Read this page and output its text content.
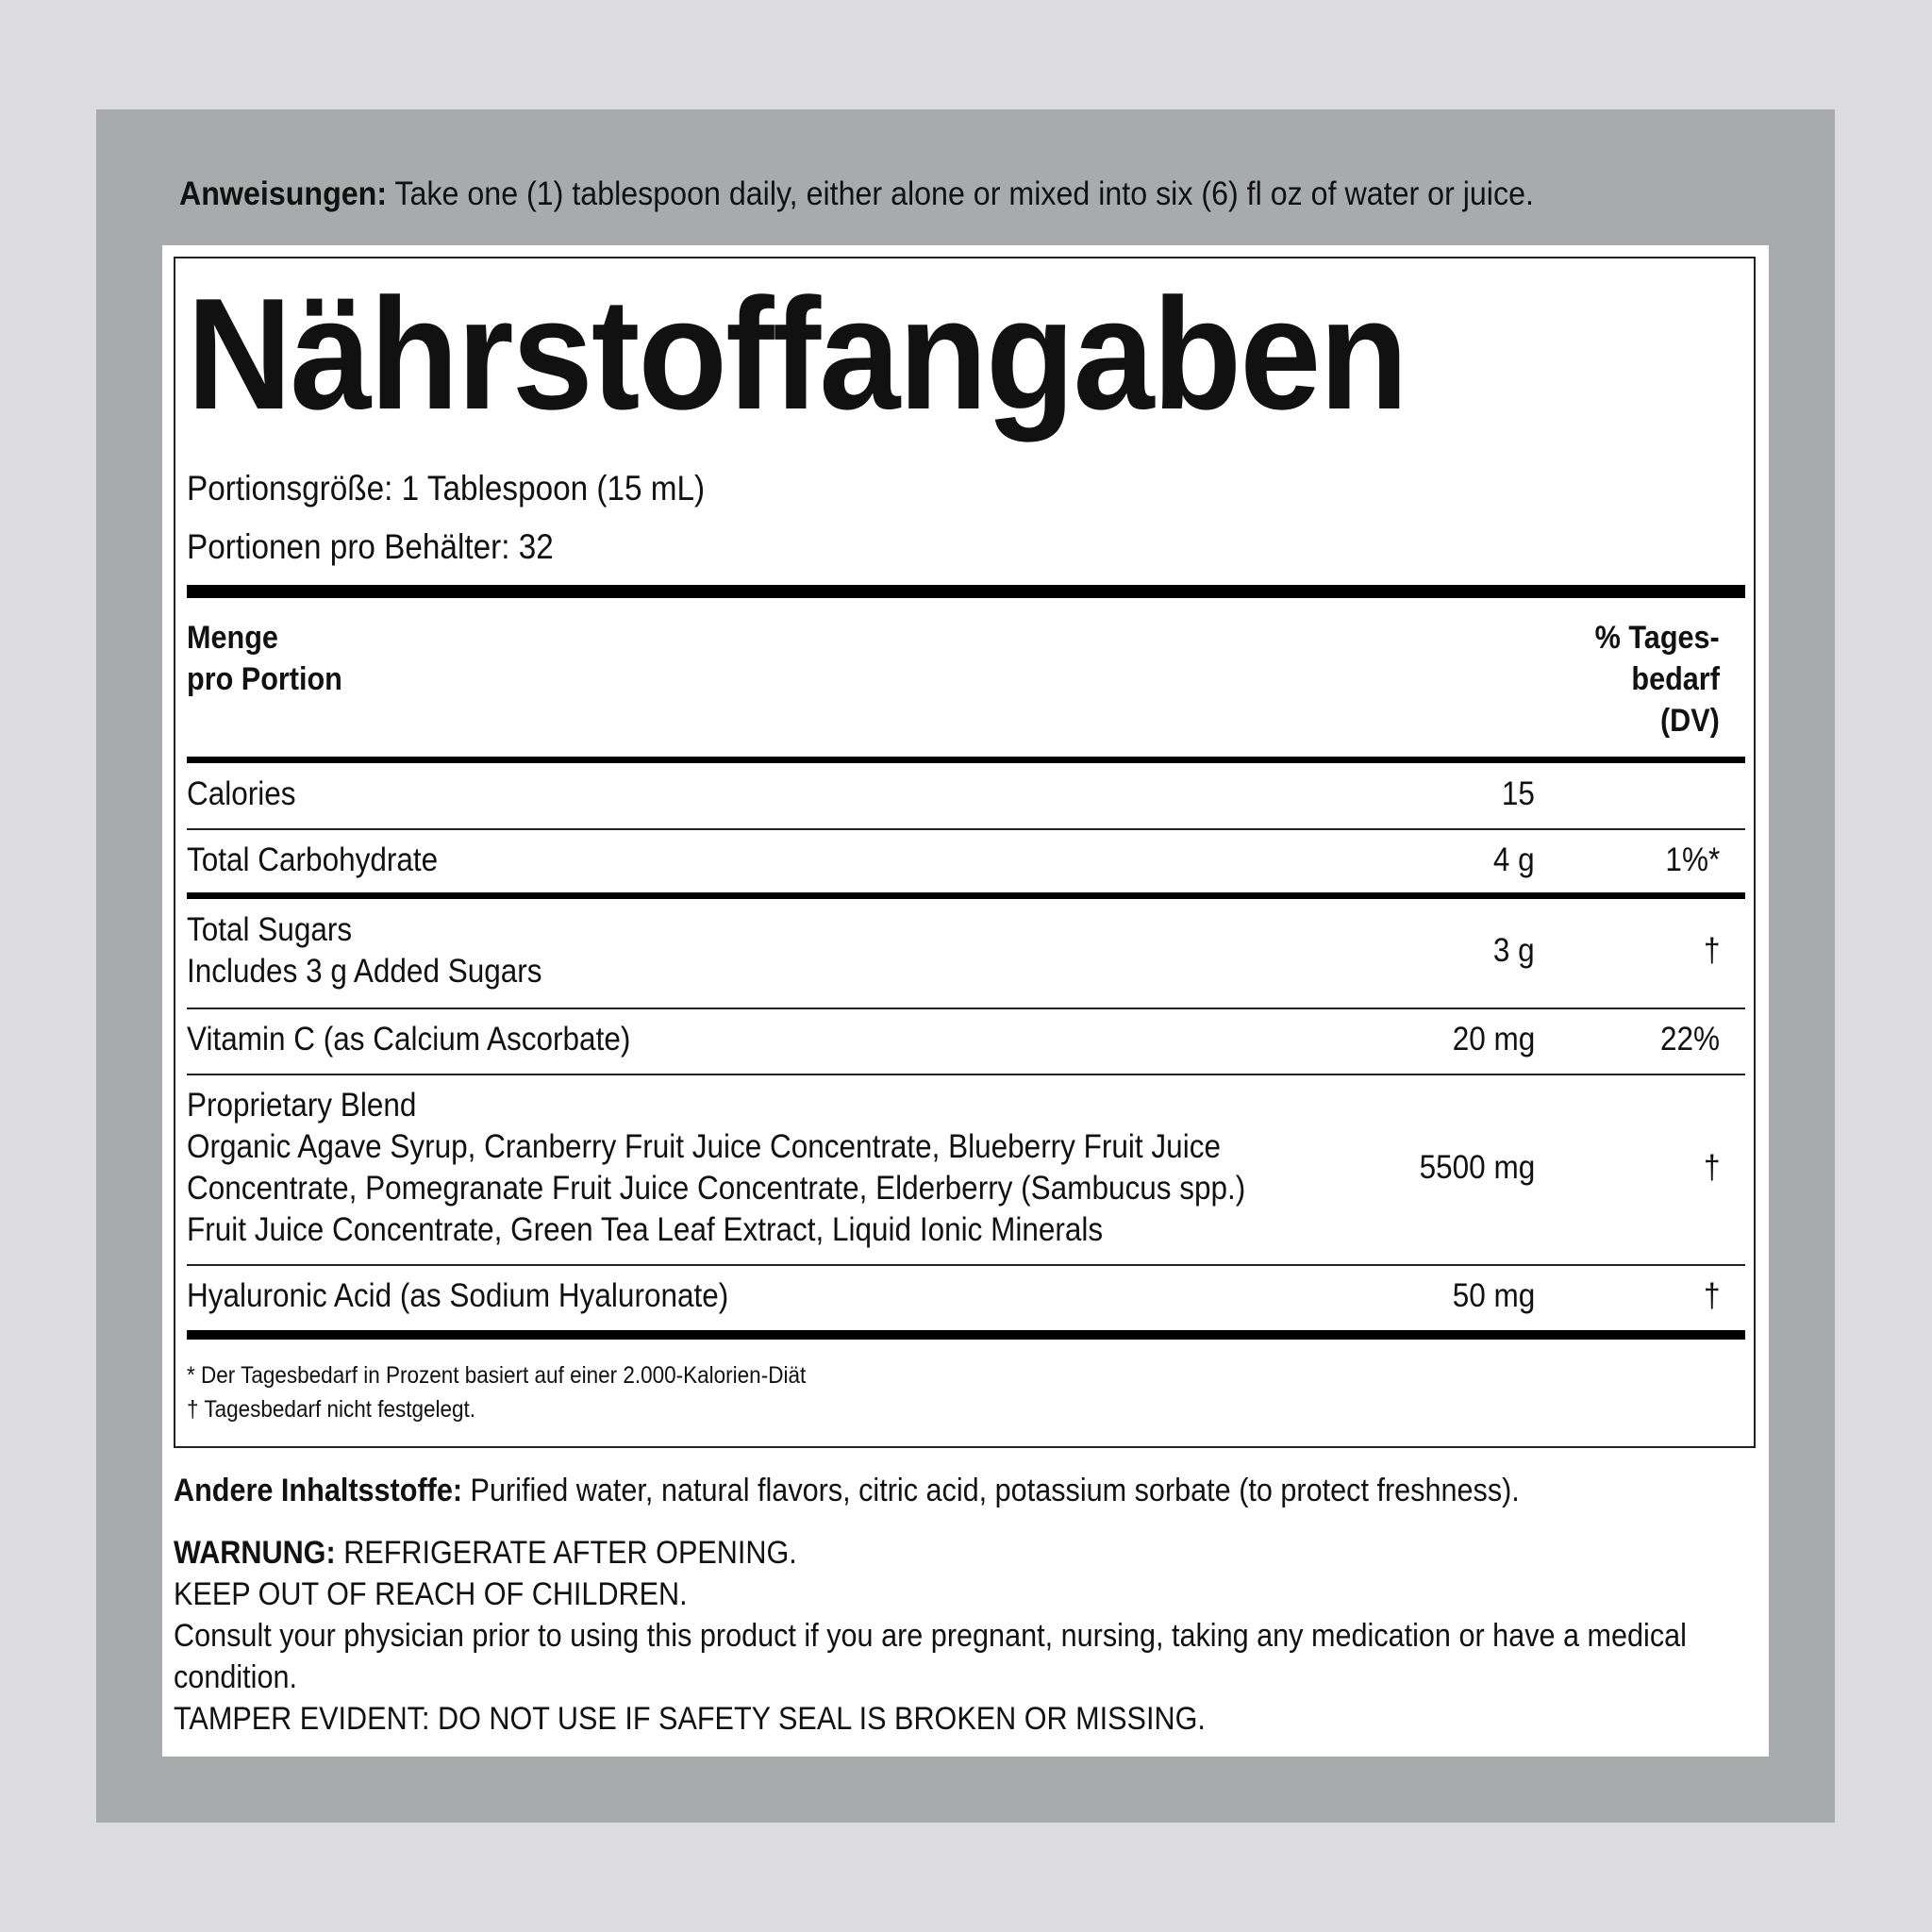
Anweisungen: Take one (1) tablespoon daily, either alone or mixed into six (6) fl oz of water or juice.
Nährstoffangaben
Portionsgröße: 1 Tablespoon (15 mL)
Portionen pro Behälter: 32
Menge
pro Portion
% Tages-
bedarf
(DV)
Calories	15
Total Carbohydrate	4 g	1%*
Total Sugars
Includes 3 g Added Sugars
3 g	†
Vitamin C (as Calcium Ascorbate)	20 mg	22%
Proprietary Blend
Organic Agave Syrup, Cranberry Fruit Juice Concentrate, Blueberry Fruit Juice
Concentrate, Pomegranate Fruit Juice Concentrate, Elderberry (Sambucus spp.)
Fruit Juice Concentrate, Green Tea Leaf Extract, Liquid Ionic Minerals
5500 mg	†
Hyaluronic Acid (as Sodium Hyaluronate)	50 mg	†
* Der Tagesbedarf in Prozent basiert auf einer 2.000-Kalorien-Diät
† Tagesbedarf nicht festgelegt.
Andere Inhaltsstoffe: Purified water, natural flavors, citric acid, potassium sorbate (to protect freshness).
WARNUNG: REFRIGERATE AFTER OPENING.
KEEP OUT OF REACH OF CHILDREN.
Consult your physician prior to using this product if you are pregnant, nursing, taking any medication or have a medical
condition.
TAMPER EVIDENT: DO NOT USE IF SAFETY SEAL IS BROKEN OR MISSING.
